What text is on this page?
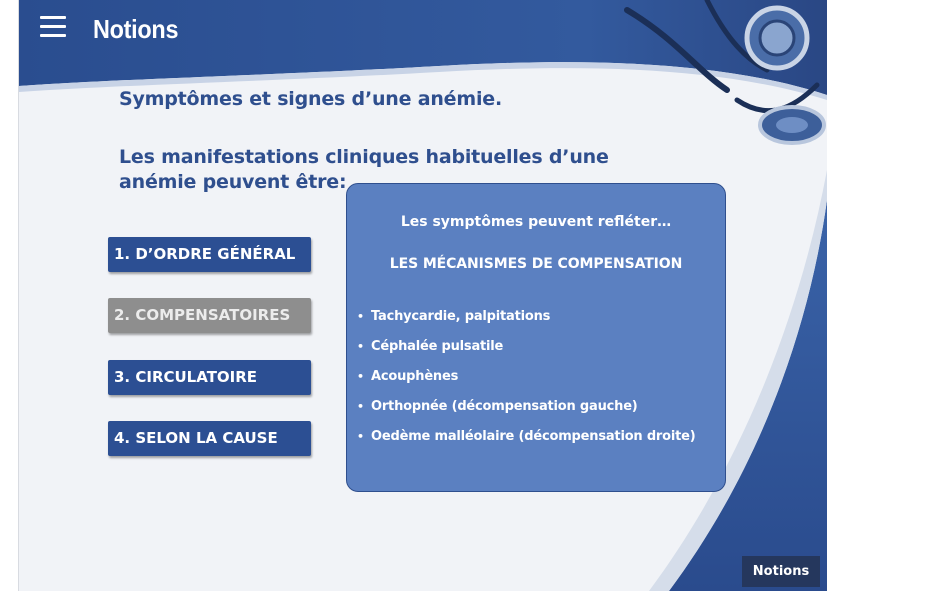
Notions
Symptômes et signes d’une anémie.
Les manifestations cliniques habituelles d’une anémie peuvent être:
1. D’ORDRE GÉNÉRAL
2. COMPENSATOIRES
3. CIRCULATOIRE
4. SELON LA CAUSE
Les symptômes peuvent refléter…
LES MÉCANISMES DE COMPENSATION
• Tachycardie, palpitations
• Céphalée pulsatile
• Acouphènes
• Orthopnée (décompensation gauche)
• Oedème malléolaire (décompensation droite)
Notions
